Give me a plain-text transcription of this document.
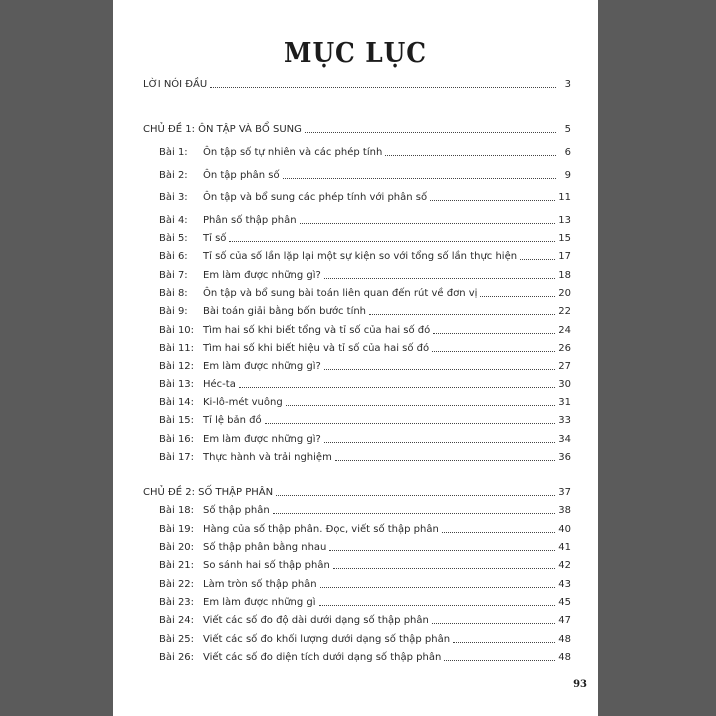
MỤC LỤC
LỜI NÓI ĐẦU	3
CHỦ ĐỀ 1: ÔN TẬP VÀ BỔ SUNG	5
Bài 1: Ôn tập số tự nhiên và các phép tính	6
Bài 2: Ôn tập phân số	9
Bài 3: Ôn tập và bổ sung các phép tính với phân số	11
Bài 4: Phân số thập phân	13
Bài 5: Tỉ số	15
Bài 6: Tỉ số của số lần lặp lại một sự kiện so với tổng số lần thực hiện	17
Bài 7: Em làm được những gì?	18
Bài 8: Ôn tập và bổ sung bài toán liên quan đến rút về đơn vị	20
Bài 9: Bài toán giải bằng bốn bước tính	22
Bài 10: Tìm hai số khi biết tổng và tỉ số của hai số đó	24
Bài 11: Tìm hai số khi biết hiệu và tỉ số của hai số đó	26
Bài 12: Em làm được những gì?	27
Bài 13: Héc-ta	30
Bài 14: Ki-lô-mét vuông	31
Bài 15: Tỉ lệ bản đồ	33
Bài 16: Em làm được những gì?	34
Bài 17: Thực hành và trải nghiệm	36
CHỦ ĐỀ 2: SỐ THẬP PHÂN	37
Bài 18: Số thập phân	38
Bài 19: Hàng của số thập phân. Đọc, viết số thập phân	40
Bài 20: Số thập phân bằng nhau	41
Bài 21: So sánh hai số thập phân	42
Bài 22: Làm tròn số thập phân	43
Bài 23: Em làm được những gì	45
Bài 24: Viết các số đo độ dài dưới dạng số thập phân	47
Bài 25: Viết các số đo khối lượng dưới dạng số thập phân	48
Bài 26: Viết các số đo diện tích dưới dạng số thập phân	48
93
